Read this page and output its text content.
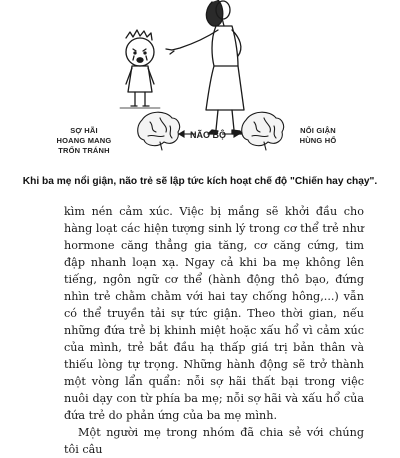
SỢ HÃI
HOANG MANG
TRỐN TRÁNH
NÃO BỘ	NỔI GIẬN
HÙNG HỔ
Khi ba mẹ nổi giận, não trẻ sẽ lập tức kích hoạt chế độ "Chiến hay chạy".

kìm nén cảm xúc. Việc bị mắng sẽ khởi đầu cho hàng loạt các hiện tượng sinh lý trong cơ thể trẻ như hormone căng thẳng gia tăng, cơ căng cứng, tim đập nhanh loạn xạ. Ngay cả khi ba mẹ không lên tiếng, ngôn ngữ cơ thể (hành động thô bạo, đứng nhìn trẻ chằm chằm với hai tay chống hông,...) vẫn có thể truyền tải sự tức giận. Theo thời gian, nếu những đứa trẻ bị khinh miệt hoặc xấu hổ vì cảm xúc của mình, trẻ bắt đầu hạ thấp giá trị bản thân và thiếu lòng tự trọng. Những hành động sẽ trở thành một vòng lẩn quẩn: nỗi sợ hãi thất bại trong việc nuôi dạy con từ phía ba mẹ; nỗi sợ hãi và xấu hổ của đứa trẻ do phản ứng của ba mẹ mình.

Một người mẹ trong nhóm đã chia sẻ với chúng tôi câu
